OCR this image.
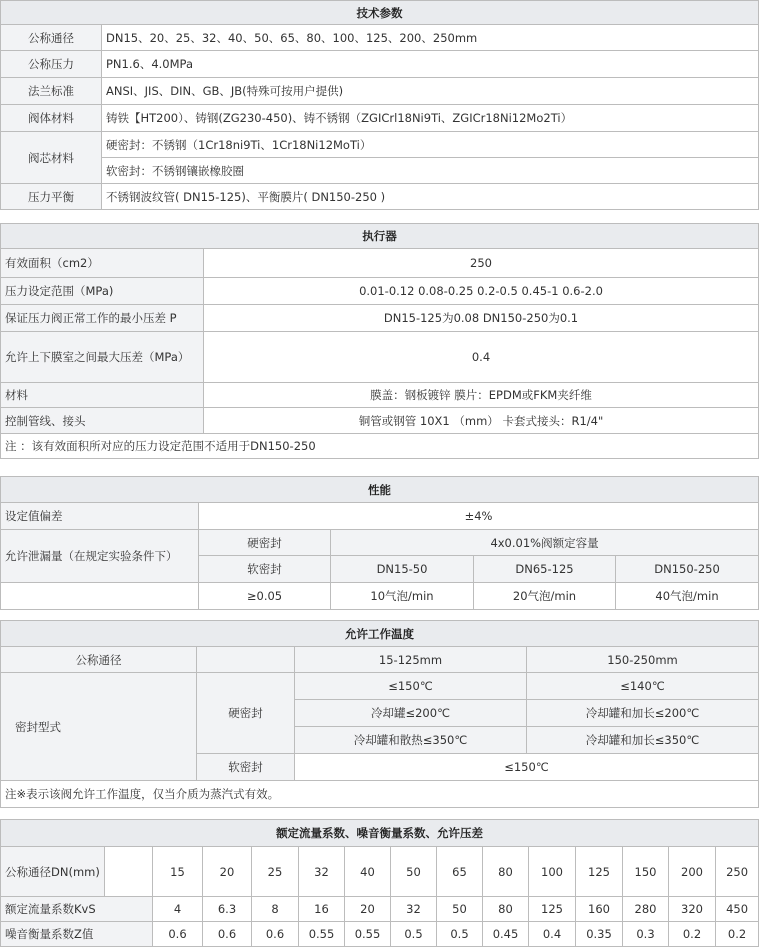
技术参数	
公称通径	DN15、20、25、32、40、50、65、80、100、125、200、250mm
公称压力	PN1.6、4.0MPa
法兰标准	ANSI、JIS、DIN、GB、JB(特殊可按用户提供)
阀体材料	铸铁【HT200）、铸钢(ZG230-450)、铸不锈钢（ZGICrl18Ni9Ti、ZGICr18Ni12Mo2Ti）
阀芯材料	硬密封：不锈钢（1Cr18ni9Ti、1Cr18Ni12MoTi）
	软密封：不锈钢镶嵌橡胶圈
压力平衡	不锈钢波纹管( DN15-125)、平衡膜片( DN150-250 )
执行器	
有效面积（cm2）	250
压力设定范围（MPa)	0.01-0.12 0.08-0.25 0.2-0.5 0.45-1 0.6-2.0
保证压力阀正常工作的最小压差 P	DN15-125为0.08 DN150-250为0.1
允许上下膜室之间最大压差（MPa）	0.4
材料	膜盖：钢板镀锌 膜片：EPDM或FKM夹纤维
控制管线、接头	铜管或钢管 10X1 （mm） 卡套式接头：R1/4"
注 ：该有效面积所对应的压力设定范围不适用于DN150-250	
性能				
设定值偏差	±4%			
允许泄漏量（在规定实验条件下）	硬密封	4x0.01%阀额定容量		
	软密封	DN15-50	DN65-125	DN150-250
	≥0.05	10气泡/min	20气泡/min	40气泡/min
允许工作温度			
公称通径		15-125mm	150-250mm
密封型式	硬密封	≤150℃	≤140℃
		冷却罐≤200℃	冷却罐和加长≤200℃
		冷却罐和散热≤350℃	冷却罐和加长≤350℃
	软密封	≤150℃	
注※表示该阀允许工作温度，仅当介质为蒸汽式有效。			
额定流量系数、噪音衡量系数、允许压差														
公称通径DN(mm)		15	20	25	32	40	50	65	80	100	125	150	200	250
额定流量系数KvS		4	6.3	8	16	20	32	50	80	125	160	280	320	450
噪音衡量系数Z值		0.6	0.6	0.6	0.55	0.55	0.5	0.5	0.45	0.4	0.35	0.3	0.2	0.2
